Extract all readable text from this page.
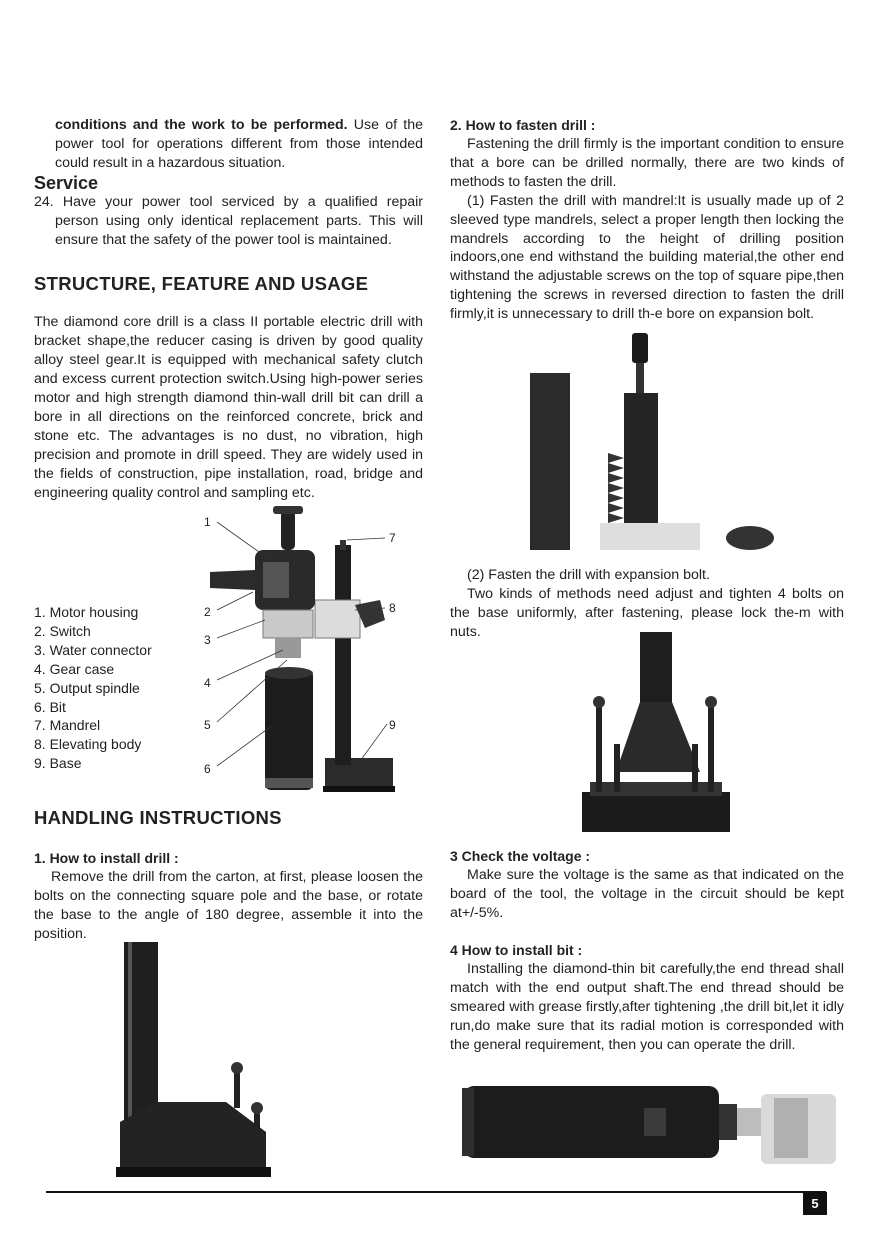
conditions and the work to be performed. Use of the power tool for operations different from those intended could result in a hazardous situation.

Service

24. Have your power tool serviced by a qualified repair person using only identical replacement parts. This will ensure that the safety of the power tool is maintained.

STRUCTURE, FEATURE AND USAGE

The diamond core drill is a class II portable electric drill with bracket shape,the reducer casing is driven by good quality alloy steel gear.It is equipped with mechanical safety clutch and excess current protection switch.Using high-power series motor and high strength diamond thin-wall drill bit can drill a bore in all directions on the reinforced concrete, brick and stone etc. The advantages is no dust, no vibration, high precision and promote in drill speed. They are widely used in the fields of construction, pipe installation, road, bridge and engineering quality control and sampling etc.

1. Motor housing
2. Switch
3. Water connector
4. Gear case
5. Output spindle
6. Bit
7. Mandrel
8. Elevating body
9. Base
1
2
3
4
5
6
7
8
9
HANDLING INSTRUCTIONS
1. How to install drill :

Remove the drill from the carton, at first, please loosen the bolts on the connecting square pole and the base, or rotate the base to the angle of 180 degree, assemble it into the position.

2. How to fasten drill :

Fastening the drill firmly is the important condition to ensure that a bore can be drilled normally, there are two kinds of methods to fasten the drill.

(1) Fasten the drill with mandrel:It is usually made up of 2 sleeved type mandrels, select a proper length then locking the mandrels according to the height of drilling position indoors,one end withstand the building material,the other end withstand the adjustable screws on the top of square pipe,then tightening the screws in reversed direction to fasten the drill firmly,it is unnecessary to drill th-e bore on expansion bolt.

(2) Fasten the drill with expansion bolt.

Two kinds of methods need adjust and tighten 4 bolts on the base uniformly, after fastening, please lock the-m with nuts.

3 Check the voltage :

Make sure the voltage is the same as that indicated on the board of the tool, the voltage in the circuit should be kept at+/-5%.

4 How to install bit :

Installing the diamond-thin bit carefully,the end thread shall match with the end output shaft.The end thread should be smeared with grease firstly,after tightening ,the drill bit,let it idly run,do make sure that its radial motion is corresponded with the general requirement, then you can operate the drill.

5
